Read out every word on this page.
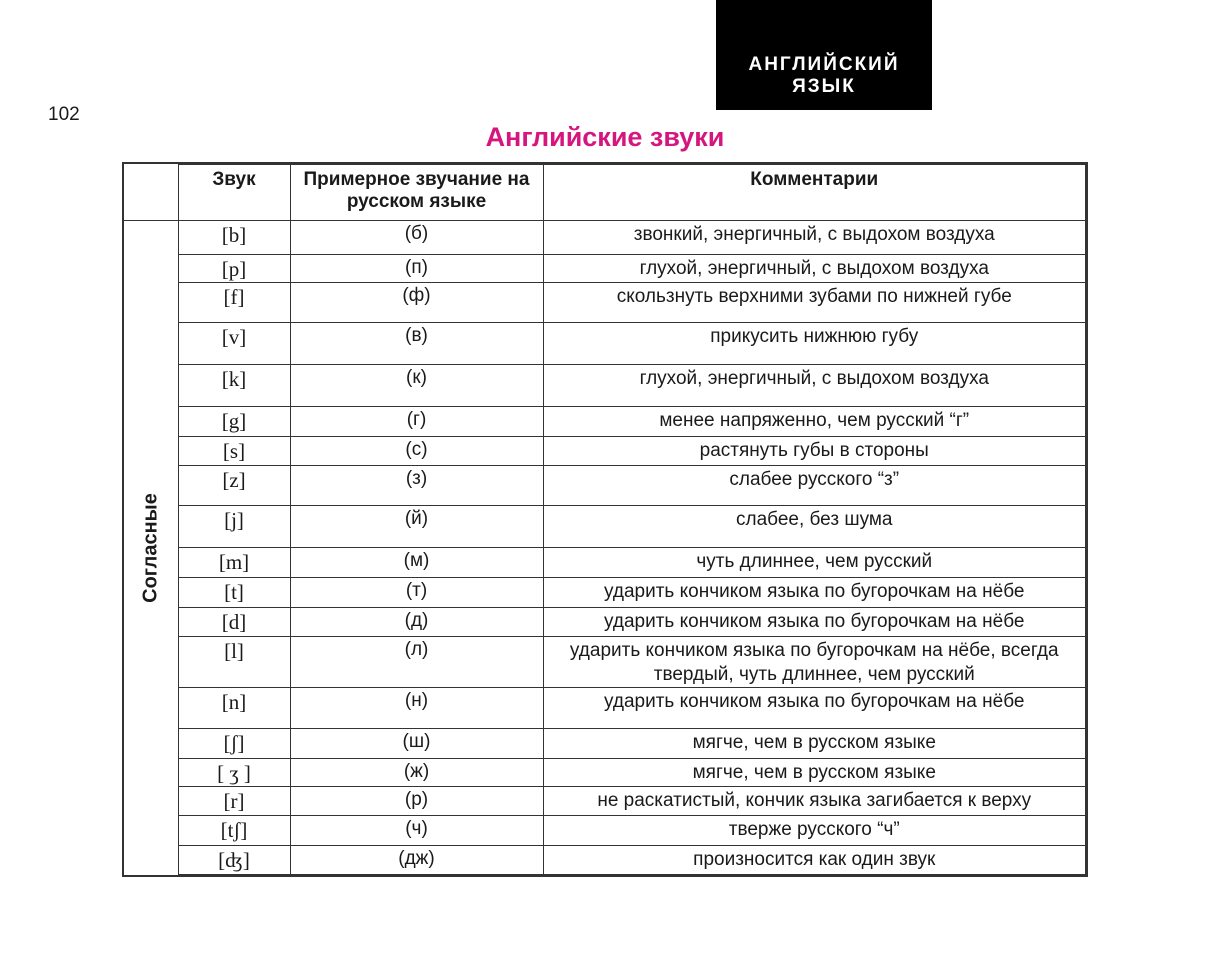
102
АНГЛИЙСКИЙ ЯЗЫК
Английские звуки
	Звук	Примерное звучание на русском языке	Комментарии

Согласные	[b]	(б)	звонкий, энергичный, с выдохом воздуха
	[p]	(п)	глухой, энергичный, с выдохом воздуха
	[f]	(ф)	скользнуть верхними зубами по нижней губе
	[v]	(в)	прикусить нижнюю губу
	[k]	(к)	глухой, энергичный, с выдохом воздуха
	[g]	(г)	менее напряженно, чем русский “г”
	[s]	(с)	растянуть губы в стороны
	[z]	(з)	слабее русского “з”
	[j]	(й)	слабее, без шума
	[m]	(м)	чуть длиннее, чем русский
	[t]	(т)	ударить кончиком языка по бугорочкам на нёбе
	[d]	(д)	ударить кончиком языка по бугорочкам на нёбе
	[l]	(л)	ударить кончиком языка по бугорочкам на нёбе, всегда твердый, чуть длиннее, чем русский
	[n]	(н)	ударить кончиком языка по бугорочкам на нёбе
	[ʃ]	(ш)	мягче, чем в русском языке
	[ ʒ ]	(ж)	мягче, чем в русском языке
	[r]	(р)	не раскатистый, кончик языка загибается к верху
	[tʃ]	(ч)	тверже русского “ч”
	[ʤ]	(дж)	произносится как один звук
